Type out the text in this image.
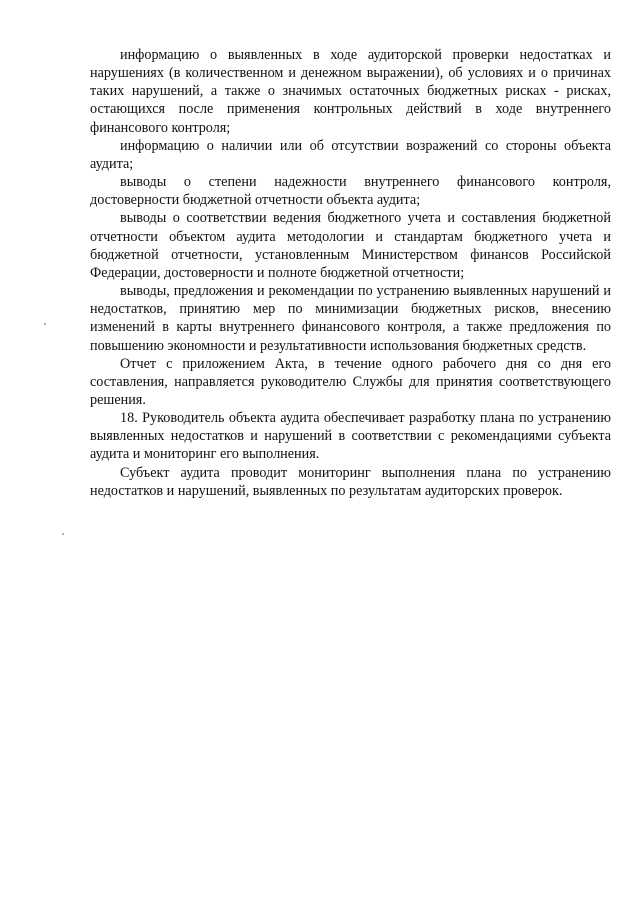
информацию о выявленных в ходе аудиторской проверки недостатках и нарушениях (в количественном и денежном выражении), об условиях и о причинах таких нарушений, а также о значимых остаточных бюджетных рисках - рисках, остающихся после применения контрольных действий в ходе внутреннего финансового контроля;

информацию о наличии или об отсутствии возражений со стороны объекта аудита;

выводы о степени надежности внутреннего финансового контроля, достоверности бюджетной отчетности объекта аудита;

выводы о соответствии ведения бюджетного учета и составления бюджетной отчетности объектом аудита методологии и стандартам бюджетного учета и бюджетной отчетности, установленным Министерством финансов Российской Федерации, достоверности и полноте бюджетной отчетности;

выводы, предложения и рекомендации по устранению выявленных нарушений и недостатков, принятию мер по минимизации бюджетных рисков, внесению изменений в карты внутреннего финансового контроля, а также предложения по повышению экономности и результативности использования бюджетных средств.

Отчет с приложением Акта, в течение одного рабочего дня со дня его составления, направляется руководителю Службы для принятия соответствующего решения.

18. Руководитель объекта аудита обеспечивает разработку плана по устранению выявленных недостатков и нарушений в соответствии с рекомендациями субъекта аудита и мониторинг его выполнения.

Субъект аудита проводит мониторинг выполнения плана по устранению недостатков и нарушений, выявленных по результатам аудиторских проверок.
